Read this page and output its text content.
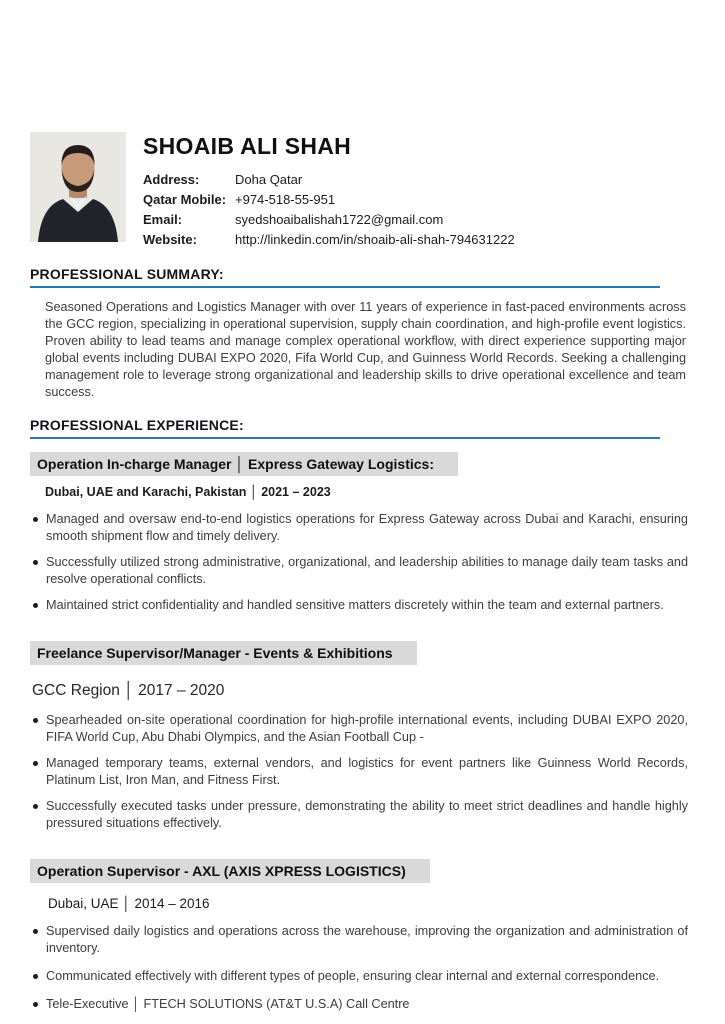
SHOAIB ALI SHAH
Address:	Doha Qatar
Qatar Mobile: +974-518-55-951
Email:	syedshoaibalishah1722@gmail.com
Website:	http://linkedin.com/in/shoaib-ali-shah-794631222
PROFESSIONAL SUMMARY:

Seasoned Operations and Logistics Manager with over 11 years of experience in fast-paced environments across the GCC region, specializing in operational supervision, supply chain coordination, and high-profile event logistics. Proven ability to lead teams and manage complex operational workflow, with direct experience supporting major global events including DUBAI EXPO 2020, Fifa World Cup, and Guinness World Records. Seeking a challenging management role to leverage strong organizational and leadership skills to drive operational excellence and team success.

PROFESSIONAL EXPERIENCE:
Operation In-charge Manager │ Express Gateway Logistics:
Dubai, UAE and Karachi, Pakistan │ 2021 – 2023
Managed and oversaw end-to-end logistics operations for Express Gateway across Dubai and Karachi, ensuring smooth shipment flow and timely delivery.
Successfully utilized strong administrative, organizational, and leadership abilities to manage daily team tasks and resolve operational conflicts.
Maintained strict confidentiality and handled sensitive matters discretely within the team and external partners.
Freelance Supervisor/Manager - Events & Exhibitions
GCC Region │ 2017 – 2020
Spearheaded on-site operational coordination for high-profile international events, including DUBAI EXPO 2020, FIFA World Cup, Abu Dhabi Olympics, and the Asian Football Cup -
Managed temporary teams, external vendors, and logistics for event partners like Guinness World Records, Platinum List, Iron Man, and Fitness First.
Successfully executed tasks under pressure, demonstrating the ability to meet strict deadlines and handle highly pressured situations effectively.
Operation Supervisor - AXL (AXIS XPRESS LOGISTICS)
Dubai, UAE │ 2014 – 2016
Supervised daily logistics and operations across the warehouse, improving the organization and administration of inventory.
Communicated effectively with different types of people, ensuring clear internal and external correspondence.
Tele-Executive │ FTECH SOLUTIONS (AT&T U.S.A) Call Centre
